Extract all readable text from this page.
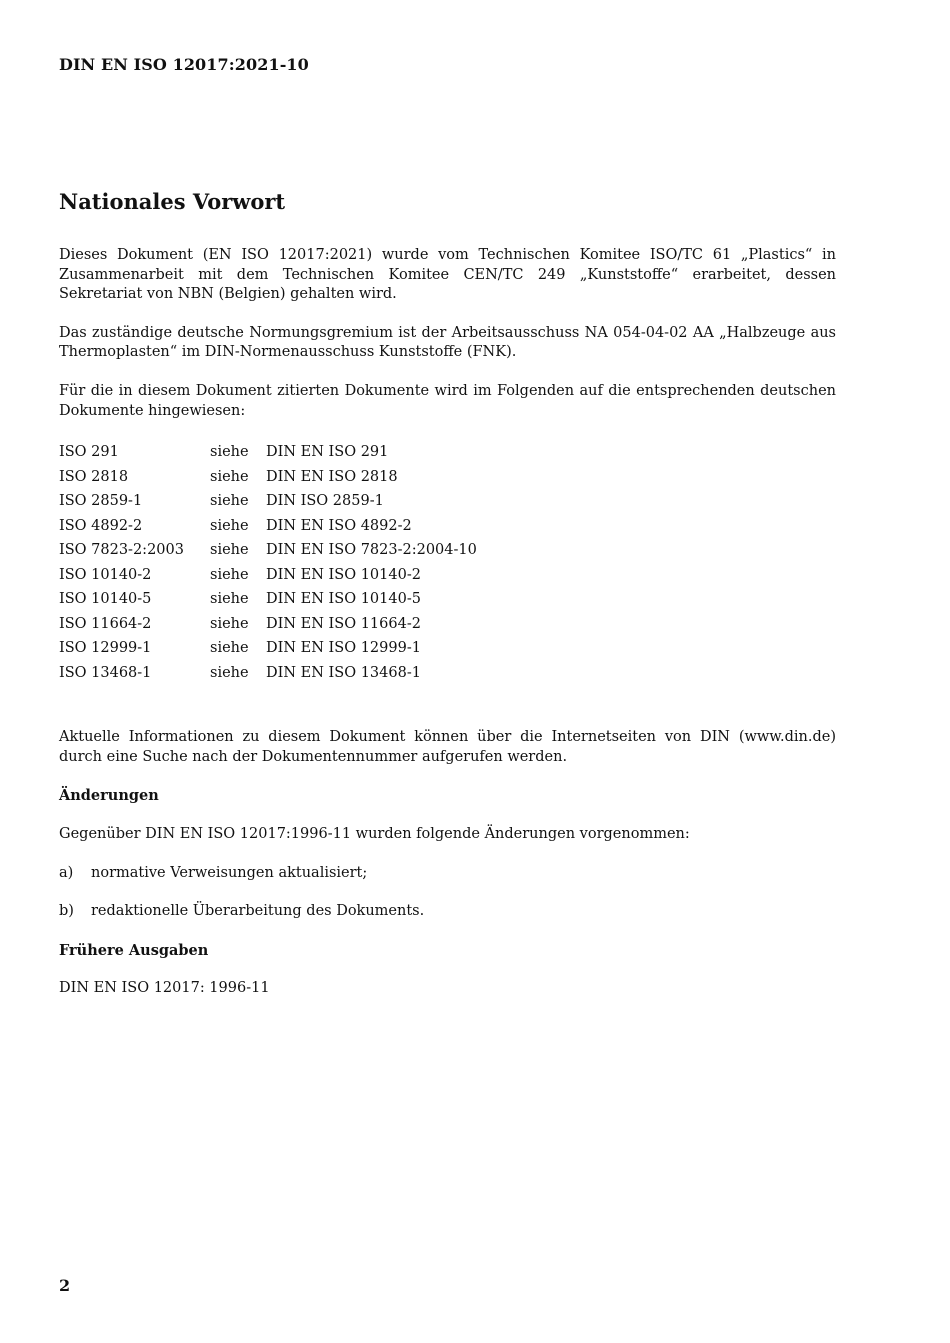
DIN EN ISO 12017:2021-10
Nationales Vorwort

Dieses Dokument (EN ISO 12017:2021) wurde vom Technischen Komitee ISO/TC 61 „Plastics“ in Zusammenarbeit mit dem Technischen Komitee CEN/TC 249 „Kunststoffe“ erarbeitet, dessen Sekretariat von NBN (Belgien) gehalten wird.

Das zuständige deutsche Normungsgremium ist der Arbeitsausschuss NA 054-04-02 AA „Halbzeuge aus Thermoplasten“ im DIN-Normenausschuss Kunststoffe (FNK).

Für die in diesem Dokument zitierten Dokumente wird im Folgenden auf die entsprechenden deutschen Dokumente hingewiesen:

ISO 291	siehe	DIN EN ISO 291
ISO 2818	siehe	DIN EN ISO 2818
ISO 2859-1	siehe	DIN ISO 2859-1
ISO 4892-2	siehe	DIN EN ISO 4892-2
ISO 7823-2:2003	siehe	DIN EN ISO 7823-2:2004-10
ISO 10140-2	siehe	DIN EN ISO 10140-2
ISO 10140-5	siehe	DIN EN ISO 10140-5
ISO 11664-2	siehe	DIN EN ISO 11664-2
ISO 12999-1	siehe	DIN EN ISO 12999-1
ISO 13468-1	siehe	DIN EN ISO 13468-1

Aktuelle Informationen zu diesem Dokument können über die Internetseiten von DIN (www.din.de) durch eine Suche nach der Dokumentennummer aufgerufen werden.

Änderungen

Gegenüber DIN EN ISO 12017:1996-11 wurden folgende Änderungen vorgenommen:

a)	normative Verweisungen aktualisiert;
b)	redaktionelle Überarbeitung des Dokuments.
Frühere Ausgaben

DIN EN ISO 12017: 1996-11

2
